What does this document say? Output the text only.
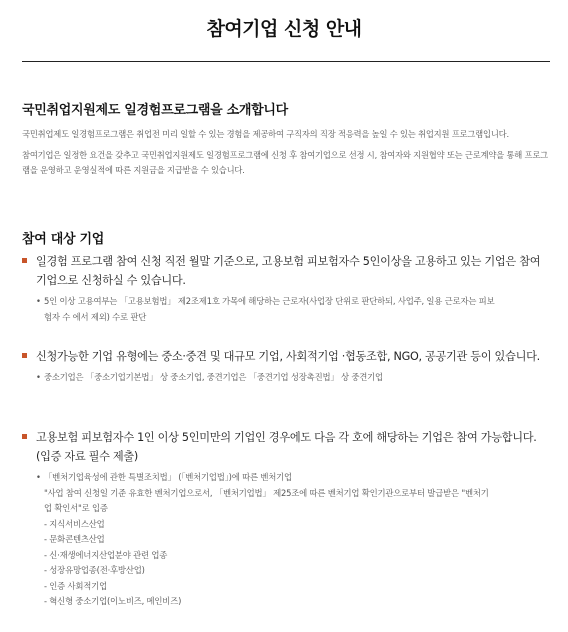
참여기업 신청 안내
국민취업지원제도 일경험프로그램을 소개합니다

국민취업제도 일경험프로그램은 취업전 미리 일할 수 있는 경험을 제공하여 구직자의 직장 적응력을 높일 수 있는 취업지원 프로그램입니다.

참여기업은 일정한 요건을 갖추고 국민취업지원제도 일경험프로그램에 신청 후 참여기업으로 선정 시, 참여자와 지원협약 또는 근로계약을 통해 프로그램을 운영하고 운영실적에 따른 지원금을 지급받을 수 있습니다.

참여 대상 기업
일경험 프로그램 참여 신청 직전 월말 기준으로, 고용보험 피보험자수 5인이상을 고용하고 있는 기업은 참여기업으로 신청하실 수 있습니다.
• 5인 이상 고용여부는 「고용보험법」 제2조제1호 가목에 해당하는 근로자(사업장 단위로 판단하되, 사업주, 일용 근로자는 피보
험자 수 에서 제외) 수로 판단
신청가능한 기업 유형에는 중소·중견 및 대규모 기업, 사회적기업 ·협동조합, NGO, 공공기관 등이 있습니다.
• 중소기업은 「중소기업기본법」 상 중소기업, 중견기업은 「중견기업 성장촉진법」 상 중견기업
고용보험 피보험자수 1인 이상 5인미만의 기업인 경우에도 다음 각 호에 해당하는 기업은 참여 가능합니다. (입증 자료 필수 제출)
• 「벤처기업육성에 관한 특별조치법」 (「벤처기업법」)에 따른 벤처기업
"사업 참여 신청일 기준 유효한 벤처기업으로서, 「벤처기업법」 제25조에 따른 벤처기업 확인기관으로부터 발급받은 "벤처기
업 확인서"로 입증
- 지식서비스산업
- 문화콘텐츠산업
- 신·재생에너지산업분야 관련 업종
- 성장유망업종(전·후방산업)
- 인증 사회적기업
- 혁신형 중소기업(이노비즈, 메인비즈)
